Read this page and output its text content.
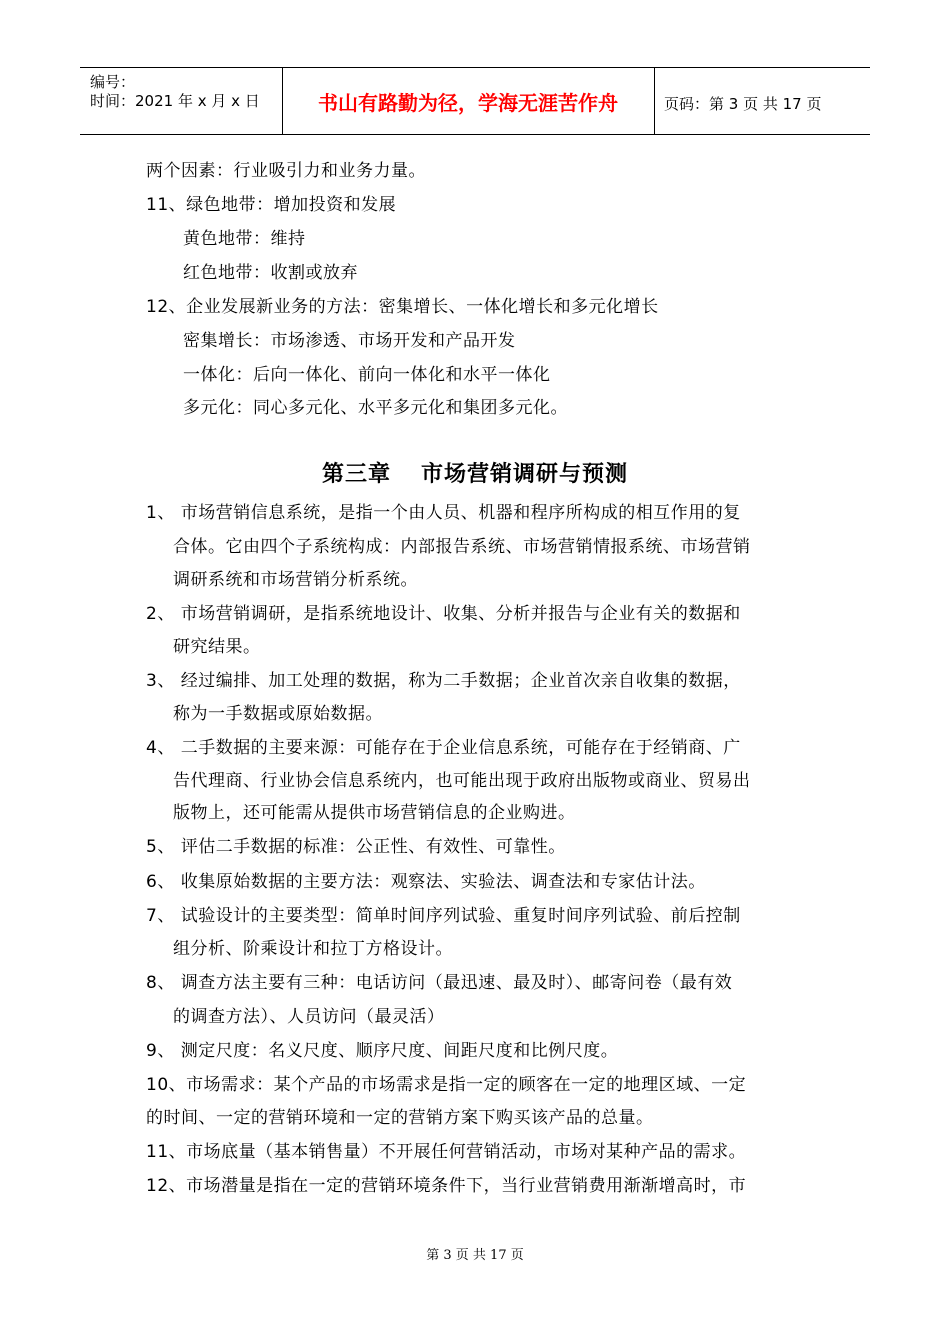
编号：
时间：2021 年 x 月 x 日	书山有路勤为径，学海无涯苦作舟	页码：第 3 页 共 17 页
两个因素：行业吸引力和业务力量。
11、绿色地带：增加投资和发展
黄色地带：维持
红色地带：收割或放弃
12、企业发展新业务的方法：密集增长、一体化增长和多元化增长
密集增长：市场渗透、市场开发和产品开发
一体化：后向一体化、前向一体化和水平一体化
多元化：同心多元化、水平多元化和集团多元化。
第三章 市场营销调研与预测
1、 市场营销信息系统，是指一个由人员、机器和程序所构成的相互作用的复
合体。它由四个子系统构成：内部报告系统、市场营销情报系统、市场营销
调研系统和市场营销分析系统。
2、 市场营销调研，是指系统地设计、收集、分析并报告与企业有关的数据和
研究结果。
3、 经过编排、加工处理的数据，称为二手数据；企业首次亲自收集的数据，
称为一手数据或原始数据。
4、 二手数据的主要来源：可能存在于企业信息系统，可能存在于经销商、广
告代理商、行业协会信息系统内，也可能出现于政府出版物或商业、贸易出
版物上，还可能需从提供市场营销信息的企业购进。
5、 评估二手数据的标准：公正性、有效性、可靠性。
6、 收集原始数据的主要方法：观察法、实验法、调查法和专家估计法。
7、 试验设计的主要类型：简单时间序列试验、重复时间序列试验、前后控制
组分析、阶乘设计和拉丁方格设计。
8、 调查方法主要有三种：电话访问（最迅速、最及时）、邮寄问卷（最有效
的调查方法）、人员访问（最灵活）
9、 测定尺度：名义尺度、顺序尺度、间距尺度和比例尺度。
10、市场需求：某个产品的市场需求是指一定的顾客在一定的地理区域、一定
的时间、一定的营销环境和一定的营销方案下购买该产品的总量。
11、市场底量（基本销售量）不开展任何营销活动，市场对某种产品的需求。
12、市场潜量是指在一定的营销环境条件下，当行业营销费用渐渐增高时，市
第 3 页 共 17 页
